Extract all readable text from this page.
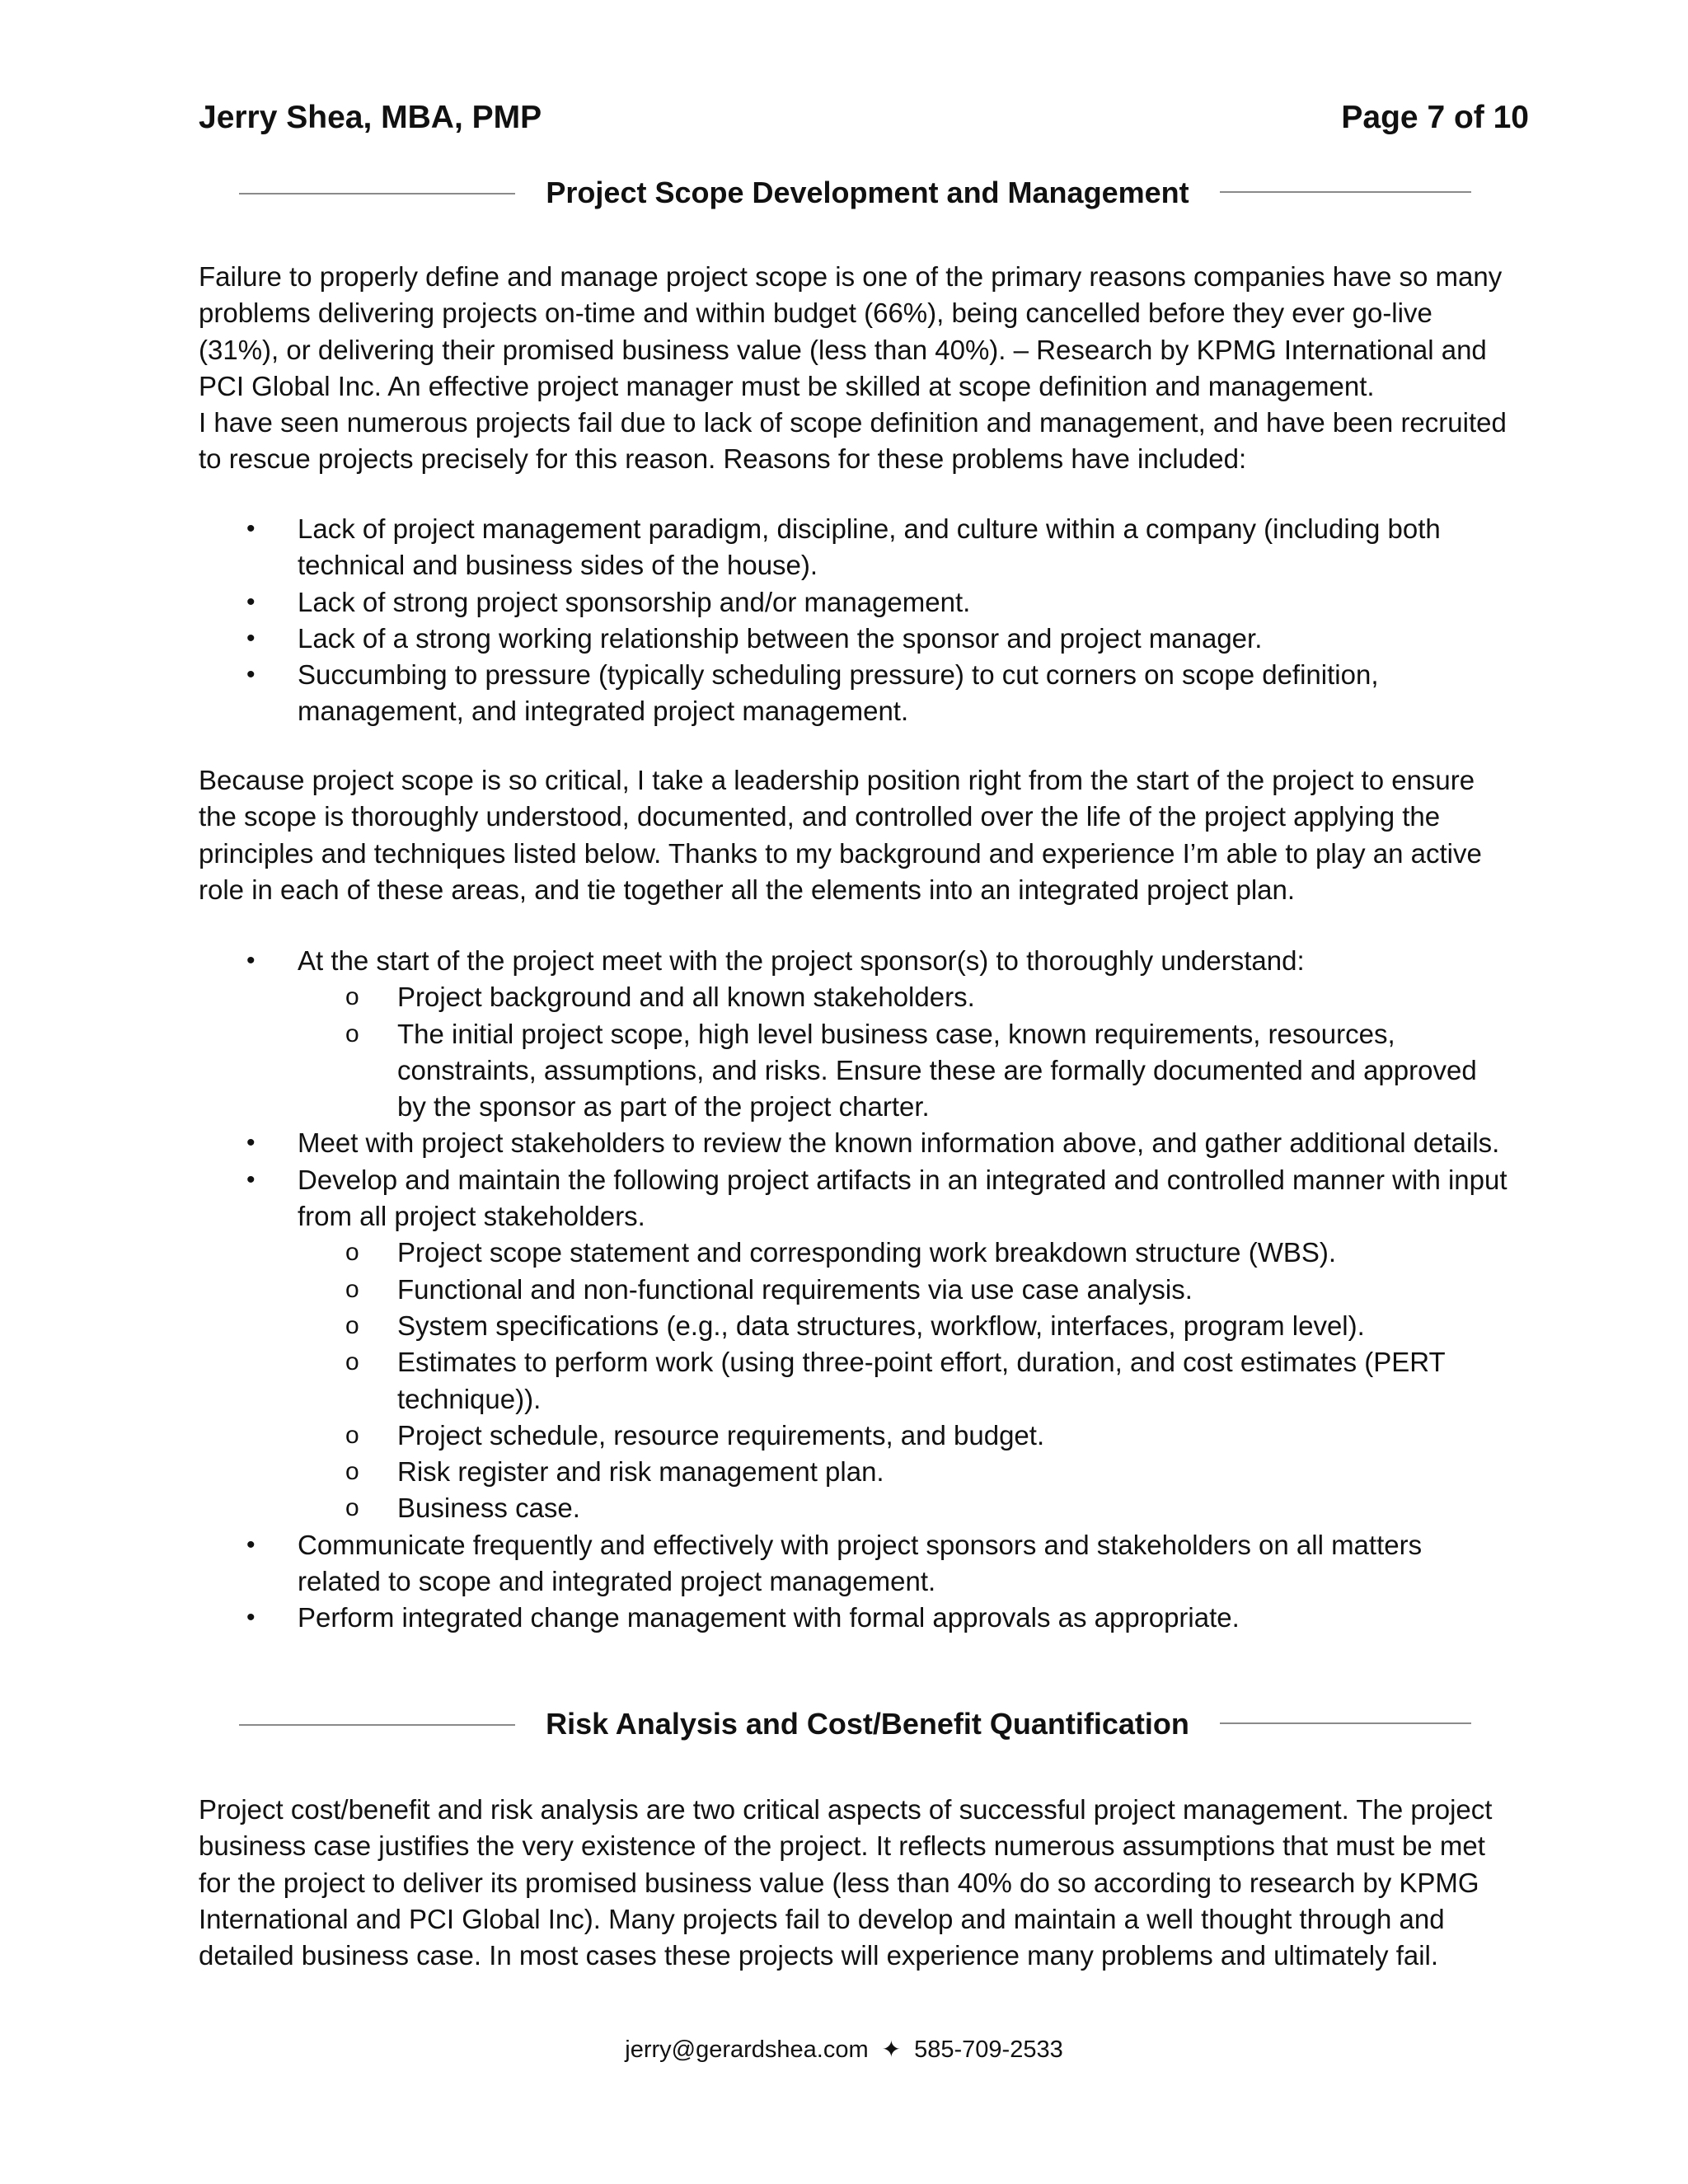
Jerry Shea, MBA, PMP	Page 7 of 10
Project Scope Development and Management

Failure to properly define and manage project scope is one of the primary reasons companies have so many
problems delivering projects on-time and within budget (66%), being cancelled before they ever go-live
(31%), or delivering their promised business value (less than 40%). – Research by KPMG International and
PCI Global Inc. An effective project manager must be skilled at scope definition and management.
I have seen numerous projects fail due to lack of scope definition and management, and have been recruited
to rescue projects precisely for this reason. Reasons for these problems have included:

• Lack of project management paradigm, discipline, and culture within a company (including both
technical and business sides of the house).
• Lack of strong project sponsorship and/or management.
• Lack of a strong working relationship between the sponsor and project manager.
• Succumbing to pressure (typically scheduling pressure) to cut corners on scope definition,
management, and integrated project management.

Because project scope is so critical, I take a leadership position right from the start of the project to ensure
the scope is thoroughly understood, documented, and controlled over the life of the project applying the
principles and techniques listed below. Thanks to my background and experience I’m able to play an active
role in each of these areas, and tie together all the elements into an integrated project plan.

• At the start of the project meet with the project sponsor(s) to thoroughly understand:
o Project background and all known stakeholders.
o The initial project scope, high level business case, known requirements, resources,
constraints, assumptions, and risks. Ensure these are formally documented and approved
by the sponsor as part of the project charter.
• Meet with project stakeholders to review the known information above, and gather additional details.
• Develop and maintain the following project artifacts in an integrated and controlled manner with input
from all project stakeholders.
o Project scope statement and corresponding work breakdown structure (WBS).
o Functional and non-functional requirements via use case analysis.
o System specifications (e.g., data structures, workflow, interfaces, program level).
o Estimates to perform work (using three-point effort, duration, and cost estimates (PERT
technique)).
o Project schedule, resource requirements, and budget.
o Risk register and risk management plan.
o Business case.
• Communicate frequently and effectively with project sponsors and stakeholders on all matters
related to scope and integrated project management.
• Perform integrated change management with formal approvals as appropriate.
Risk Analysis and Cost/Benefit Quantification

Project cost/benefit and risk analysis are two critical aspects of successful project management. The project
business case justifies the very existence of the project. It reflects numerous assumptions that must be met
for the project to deliver its promised business value (less than 40% do so according to research by KPMG
International and PCI Global Inc). Many projects fail to develop and maintain a well thought through and
detailed business case. In most cases these projects will experience many problems and ultimately fail.

jerry@gerardshea.com ✦ 585-709-2533
